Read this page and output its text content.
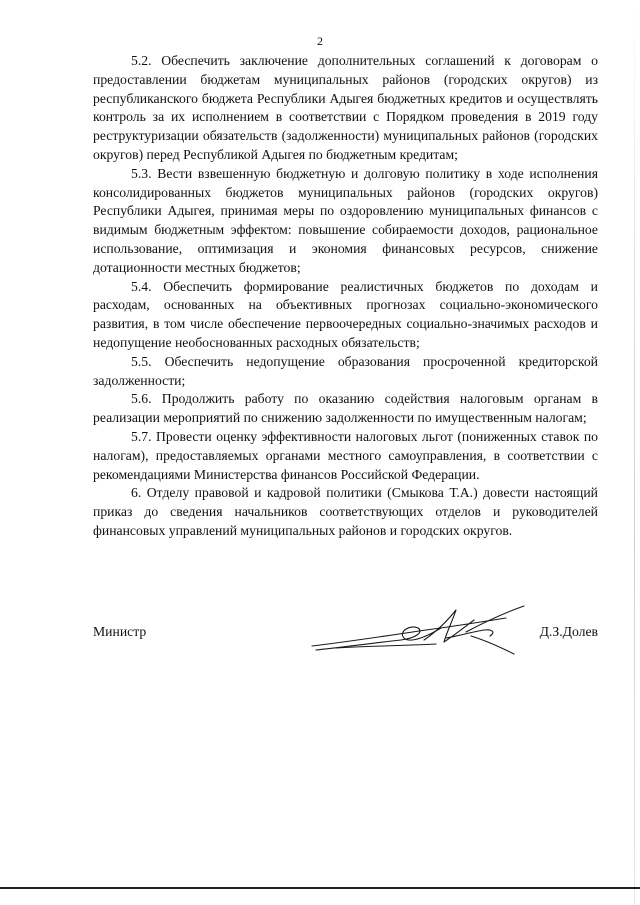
2

5.2. Обеспечить заключение дополнительных соглашений к договорам о предоставлении бюджетам муниципальных районов (городских округов) из республиканского бюджета Республики Адыгея бюджетных кредитов и осуществлять контроль за их исполнением в соответствии с Порядком проведения в 2019 году реструктуризации обязательств (задолженности) муниципальных районов (городских округов) перед Республикой Адыгея по бюджетным кредитам;

5.3. Вести взвешенную бюджетную и долговую политику в ходе исполнения консолидированных бюджетов муниципальных районов (городских округов) Республики Адыгея, принимая меры по оздоровлению муниципальных финансов с видимым бюджетным эффектом: повышение собираемости доходов, рациональное использование, оптимизация и экономия финансовых ресурсов, снижение дотационности местных бюджетов;

5.4. Обеспечить формирование реалистичных бюджетов по доходам и расходам, основанных на объективных прогнозах социально-экономического развития, в том числе обеспечение первоочередных социально-значимых расходов и недопущение необоснованных расходных обязательств;

5.5. Обеспечить недопущение образования просроченной кредиторской задолженности;

5.6. Продолжить работу по оказанию содействия налоговым органам в реализации мероприятий по снижению задолженности по имущественным налогам;

5.7. Провести оценку эффективности налоговых льгот (пониженных ставок по налогам), предоставляемых органами местного самоуправления, в соответствии с рекомендациями Министерства финансов Российской Федерации.

6. Отделу правовой и кадровой политики (Смыкова Т.А.) довести настоящий приказ до сведения начальников соответствующих отделов и руководителей финансовых управлений муниципальных районов и городских округов.

Министр	Д.З.Долев
